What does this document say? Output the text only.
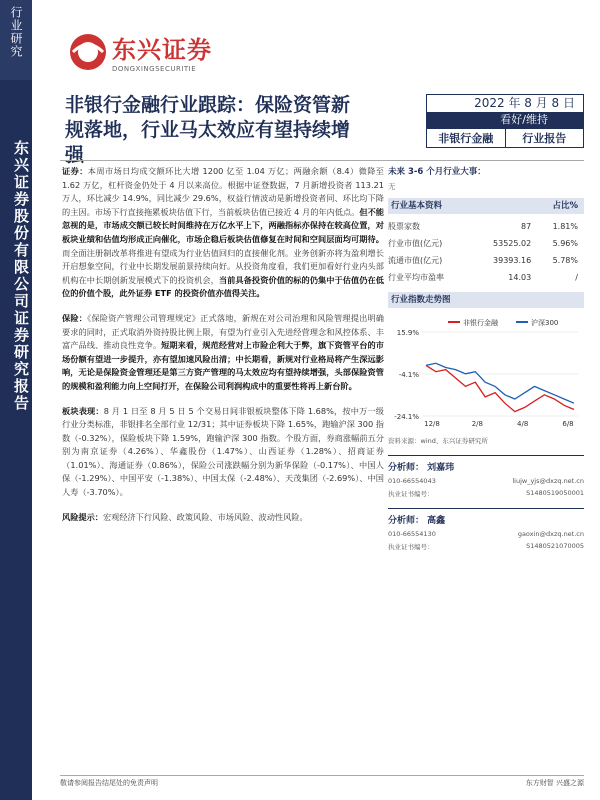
行业研究
东兴证券股份有限公司证券研究报告
东兴证券
DONGXINGSECURITIE
非银行金融行业跟踪：保险资管新规落地，行业马太效应有望持续增强
2022 年 8 月 8 日
看好/维持
非银行金融	行业报告

证券：本周市场日均成交额环比大增 1200 亿至 1.04 万亿；两融余额（8.4）微降至 1.62 万亿，杠杆资金仍处于 4 月以来高位。根据中证登数据，7 月新增投资者 113.21 万人，环比减少 14.9%，同比减少 29.6%，权益行情波动是新增投资者同、环比均下降的主因。市场下行直接拖累板块估值下行，当前板块估值已接近 4 月的年内低点。但不能忽视的是，市场成交额已较长时间维持在万亿水平上下，两融指标亦保持在较高位置，对板块业绩和估值均形成正向催化，市场企稳后板块估值修复在时间和空间层面均可期待。而全面注册制改革将推进有望成为行业估值回归的直接催化剂。业务创新亦将为盈利增长开启想象空间，行业中长期发展前景持续向好。从投资角度看，我们更加看好行业内头部机构在中长期创新发展模式下的投资机会，当前具备投资价值的标的仍集中于估值仍在低位的价值个股，此外证券 ETF 的投资价值亦值得关注。

保险：《保险资产管理公司管理规定》正式落地，新规在对公司治理和风险管理提出明确要求的同时，正式取消外资持股比例上限，有望为行业引入先进经营理念和风控体系、丰富产品线、推动良性竞争。短期来看，规范经营对上市险企利大于弊，旗下资管平台的市场份额有望进一步提升，亦有望加速风险出清；中长期看，新规对行业格局将产生深远影响，无论是保险资金管理还是第三方资产管理的马太效应均有望持续增强，头部保险资管的规模和盈利能力向上空间打开，在保险公司利润构成中的重要性将再上新台阶。

板块表现：8 月 1 日至 8 月 5 日 5 个交易日间非银板块整体下降 1.68%，按中万一级行业分类标准，非银排名全部行业 12/31；其中证券板块下降 1.65%，跑输沪深 300 指数（-0.32%），保险板块下降 1.59%，跑输沪深 300 指数。个股方面，券商涨幅前五分别为南京证券（4.26%）、华鑫股份（1.47%）、山西证券（1.28%）、招商证券（1.01%）、海通证券（0.86%），保险公司涨跌幅分别为新华保险（-0.17%）、中国人保（-1.29%）、中国平安（-1.38%）、中国太保（-2.48%）、天茂集团（-2.69%）、中国人寿（-3.70%）。

风险提示：宏观经济下行风险、政策风险、市场风险、波动性风险。

未来 3-6 个月行业大事：
无
行业基本资料	占比%
股票家数	87	1.81%
行业市值(亿元)	53525.02	5.96%
流通市值(亿元)	39393.16	5.78%
行业平均市盈率	14.03	/
行业指数走势图
15.9%
-4.1%
-24.1%
12/8	2/8	4/8	6/8
非银行金融	沪深300
资料来源：wind、东兴证券研究所
分析师： 刘嘉玮
010-66554043	liujw_yjs@dxzq.net.cn
执业证书编号：	S1480519050001
分析师： 高鑫
010-66554130	gaoxin@dxzq.net.cn
执业证书编号：	S1480521070005
敬请参阅报告结尾处的免责声明	东方财智 兴盛之源
